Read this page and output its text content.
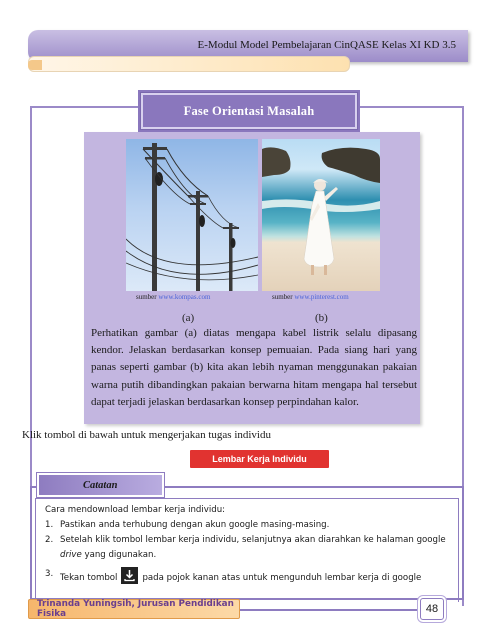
E-Modul Model Pembelajaran CinQASE Kelas XI KD 3.5
Fase Orientasi Masalah
sumber www.kompas.com	sumber www.pinterest.com
(a)	(b)
Perhatikan gambar (a) diatas mengapa kabel listrik selalu dipasang kendor. Jelaskan berdasarkan konsep pemuaian. Pada siang hari yang panas seperti gambar (b) kita akan lebih nyaman menggunakan pakaian warna putih dibandingkan pakaian berwarna hitam mengapa hal tersebut dapat terjadi jelaskan berdasarkan konsep perpindahan kalor.
Klik tombol di bawah untuk mengerjakan tugas individu
Lembar Kerja Individu
Catatan
Cara mendownload lembar kerja individu:
1. Pastikan anda terhubung dengan akun google masing-masing.
2. Setelah klik tombol lembar kerja individu, selanjutnya akan diarahkan ke halaman google drive yang digunakan.
3. Tekan tombol	pada pojok kanan atas untuk mengunduh lembar kerja di google
Trinanda Yuningsih, Jurusan Pendidikan Fisika	48
